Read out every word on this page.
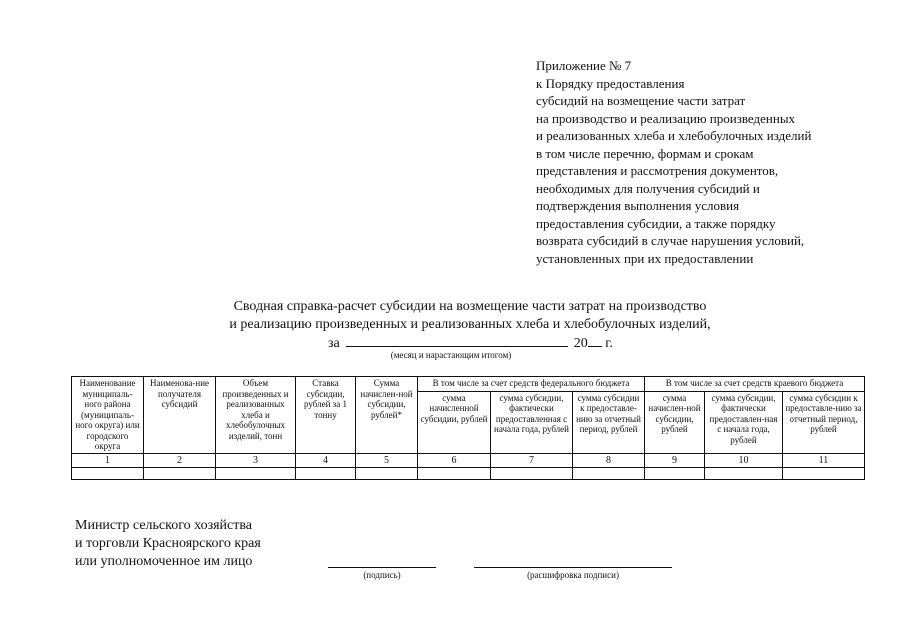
Приложение № 7
к Порядку предоставления
субсидий на возмещение части затрат
на производство и реализацию произведенных
и реализованных хлеба и хлебобулочных изделий
в том числе перечню, формам и срокам
представления и рассмотрения документов,
необходимых для получения субсидий и
подтверждения выполнения условия
предоставления субсидии, а также порядку
возврата субсидий в случае нарушения условий,
установленных при их предоставлении
Сводная справка-расчет субсидии на возмещение части затрат на производство
и реализацию произведенных и реализованных хлеба и хлебобулочных изделий,
за	20 г.
(месяц и нарастающим итогом)
Наименование муниципаль-ного района (муниципаль-ного округа) или городского округа	Наименова-ние получателя субсидий	Объем произведенных и реализованных хлеба и хлебобулочных изделий, тонн	Ставка субсидии, рублей за 1 тонну	Сумма начислен-ной субсидии, рублей*	В том числе за счет средств федерального бюджета			В том числе за счет средств краевого бюджета		
					сумма начисленной субсидии, рублей	сумма субсидии, фактически предоставленная с начала года, рублей	сумма субсидии к предоставле-нию за отчетный период, рублей	сумма начислен-ной субсидии, рублей	сумма субсидии, фактически предоставлен-ная с начала года, рублей	сумма субсидии к предоставле-нию за отчетный период, рублей
1	2	3	4	5	6	7	8	9	10	11

Министр сельского хозяйства
и торговли Красноярского края
или уполномоченное им лицо
(подпись)	(расшифровка подписи)
